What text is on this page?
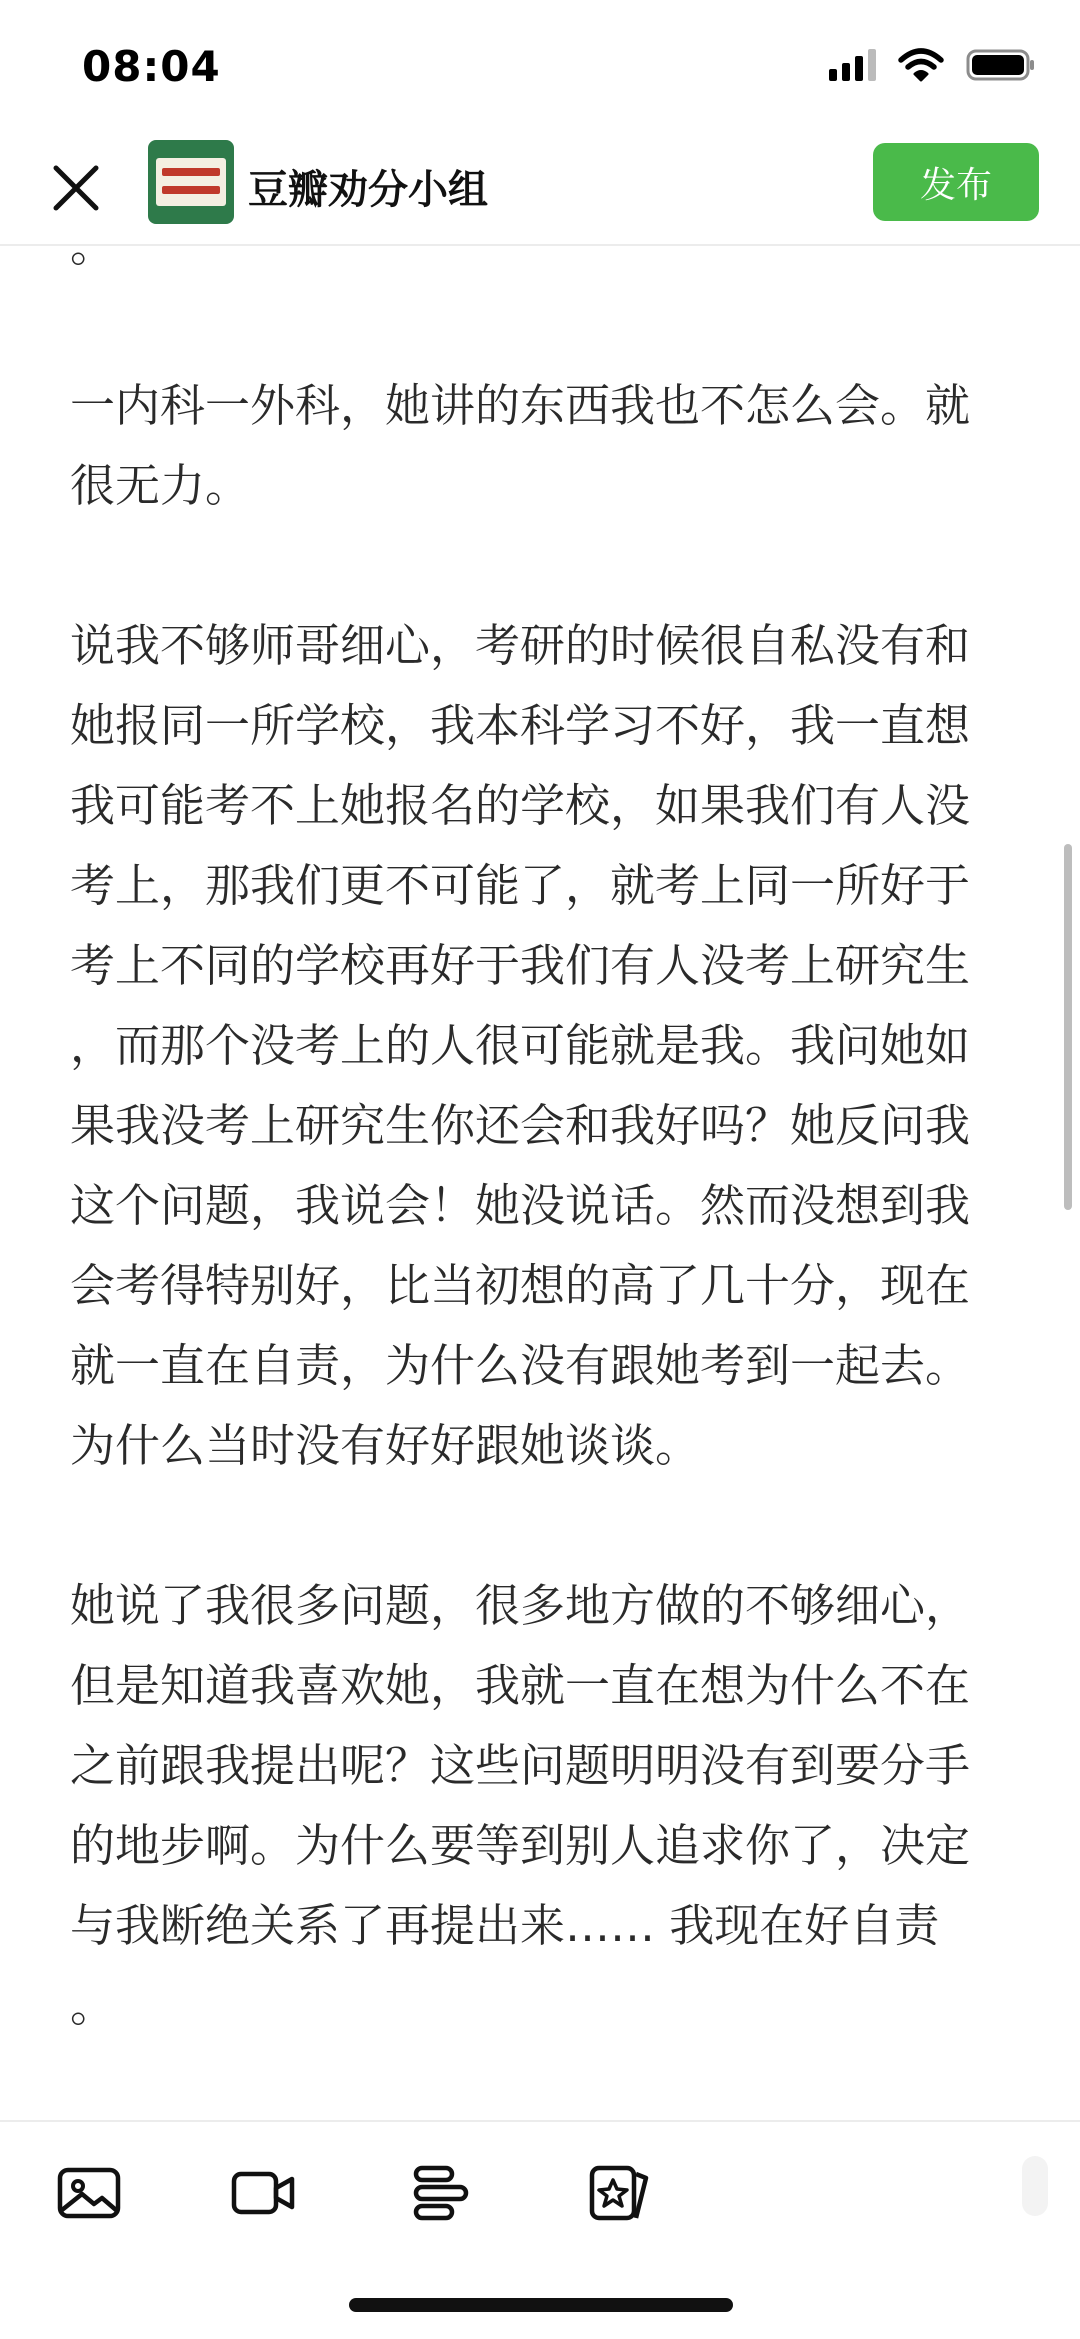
08:04
豆瓣劝分小组	发布

。

一内科一外科，她讲的东西我也不怎么会。就
很无力。

说我不够师哥细心，考研的时候很自私没有和
她报同一所学校，我本科学习不好，我一直想
我可能考不上她报名的学校，如果我们有人没
考上，那我们更不可能了，就考上同一所好于
考上不同的学校再好于我们有人没考上研究生
，而那个没考上的人很可能就是我。我问她如
果我没考上研究生你还会和我好吗？她反问我
这个问题，我说会！她没说话。然而没想到我
会考得特别好，比当初想的高了几十分，现在
就一直在自责，为什么没有跟她考到一起去。
为什么当时没有好好跟她谈谈。

她说了我很多问题，很多地方做的不够细心，
但是知道我喜欢她，我就一直在想为什么不在
之前跟我提出呢？这些问题明明没有到要分手
的地步啊。为什么要等到别人追求你了，决定
与我断绝关系了再提出来…… 我现在好自责
。
